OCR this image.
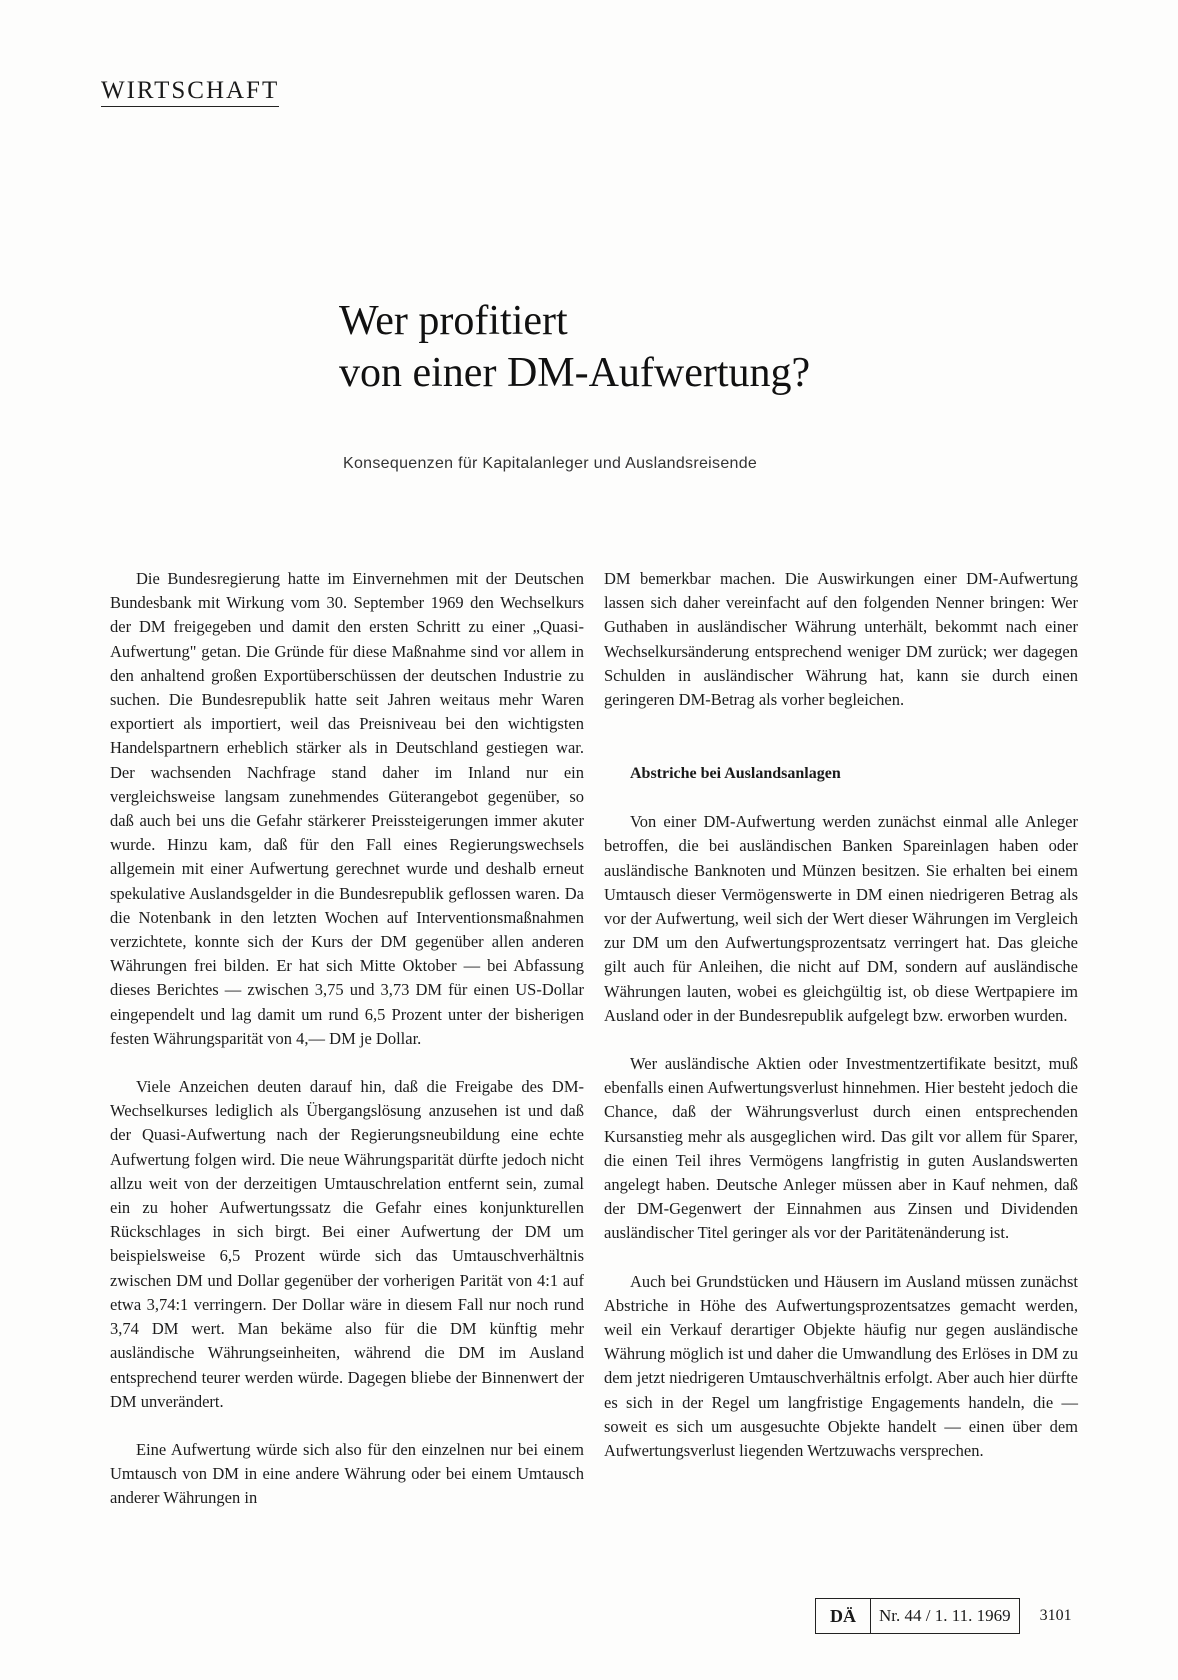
WIRTSCHAFT
Wer profitiert
von einer DM-Aufwertung?
Konsequenzen für Kapitalanleger und Auslandsreisende

Die Bundesregierung hatte im Einvernehmen mit der Deutschen Bundesbank mit Wirkung vom 30. September 1969 den Wechselkurs der DM freigegeben und damit den ersten Schritt zu einer „Quasi-Aufwertung" getan. Die Gründe für diese Maßnahme sind vor allem in den anhaltend großen Exportüberschüssen der deutschen Industrie zu suchen. Die Bundesrepublik hatte seit Jahren weitaus mehr Waren exportiert als importiert, weil das Preisniveau bei den wichtigsten Handelspartnern erheblich stärker als in Deutschland gestiegen war. Der wachsenden Nachfrage stand daher im Inland nur ein vergleichsweise langsam zunehmendes Güterangebot gegenüber, so daß auch bei uns die Gefahr stärkerer Preissteigerungen immer akuter wurde. Hinzu kam, daß für den Fall eines Regierungswechsels allgemein mit einer Aufwertung gerechnet wurde und deshalb erneut spekulative Auslandsgelder in die Bundesrepublik geflossen waren. Da die Notenbank in den letzten Wochen auf Interventionsmaßnahmen verzichtete, konnte sich der Kurs der DM gegenüber allen anderen Währungen frei bilden. Er hat sich Mitte Oktober — bei Abfassung dieses Berichtes — zwischen 3,75 und 3,73 DM für einen US-Dollar eingependelt und lag damit um rund 6,5 Prozent unter der bisherigen festen Währungsparität von 4,— DM je Dollar.

Viele Anzeichen deuten darauf hin, daß die Freigabe des DM-Wechselkurses lediglich als Übergangslösung anzusehen ist und daß der Quasi-Aufwertung nach der Regierungsneubildung eine echte Aufwertung folgen wird. Die neue Währungsparität dürfte jedoch nicht allzu weit von der derzeitigen Umtauschrelation entfernt sein, zumal ein zu hoher Aufwertungssatz die Gefahr eines konjunkturellen Rückschlages in sich birgt. Bei einer Aufwertung der DM um beispielsweise 6,5 Prozent würde sich das Umtauschverhältnis zwischen DM und Dollar gegenüber der vorherigen Parität von 4:1 auf etwa 3,74:1 verringern. Der Dollar wäre in diesem Fall nur noch rund 3,74 DM wert. Man bekäme also für die DM künftig mehr ausländische Währungseinheiten, während die DM im Ausland entsprechend teurer werden würde. Dagegen bliebe der Binnenwert der DM unverändert.

Eine Aufwertung würde sich also für den einzelnen nur bei einem Umtausch von DM in eine andere Währung oder bei einem Umtausch anderer Währungen in

DM bemerkbar machen. Die Auswirkungen einer DM-Aufwertung lassen sich daher vereinfacht auf den folgenden Nenner bringen: Wer Guthaben in ausländischer Währung unterhält, bekommt nach einer Wechselkursänderung entsprechend weniger DM zurück; wer dagegen Schulden in ausländischer Währung hat, kann sie durch einen geringeren DM-Betrag als vorher begleichen.

Abstriche bei Auslandsanlagen

Von einer DM-Aufwertung werden zunächst einmal alle Anleger betroffen, die bei ausländischen Banken Spareinlagen haben oder ausländische Banknoten und Münzen besitzen. Sie erhalten bei einem Umtausch dieser Vermögenswerte in DM einen niedrigeren Betrag als vor der Aufwertung, weil sich der Wert dieser Währungen im Vergleich zur DM um den Aufwertungsprozentsatz verringert hat. Das gleiche gilt auch für Anleihen, die nicht auf DM, sondern auf ausländische Währungen lauten, wobei es gleichgültig ist, ob diese Wertpapiere im Ausland oder in der Bundesrepublik aufgelegt bzw. erworben wurden.

Wer ausländische Aktien oder Investmentzertifikate besitzt, muß ebenfalls einen Aufwertungsverlust hinnehmen. Hier besteht jedoch die Chance, daß der Währungsverlust durch einen entsprechenden Kursanstieg mehr als ausgeglichen wird. Das gilt vor allem für Sparer, die einen Teil ihres Vermögens langfristig in guten Auslandswerten angelegt haben. Deutsche Anleger müssen aber in Kauf nehmen, daß der DM-Gegenwert der Einnahmen aus Zinsen und Dividenden ausländischer Titel geringer als vor der Paritätenänderung ist.

Auch bei Grundstücken und Häusern im Ausland müssen zunächst Abstriche in Höhe des Aufwertungsprozentsatzes gemacht werden, weil ein Verkauf derartiger Objekte häufig nur gegen ausländische Währung möglich ist und daher die Umwandlung des Erlöses in DM zu dem jetzt niedrigeren Umtauschverhältnis erfolgt. Aber auch hier dürfte es sich in der Regel um langfristige Engagements handeln, die — soweit es sich um ausgesuchte Objekte handelt — einen über dem Aufwertungsverlust liegenden Wertzuwachs versprechen.

DÄ	Nr. 44 / 1. 11. 1969	3101
